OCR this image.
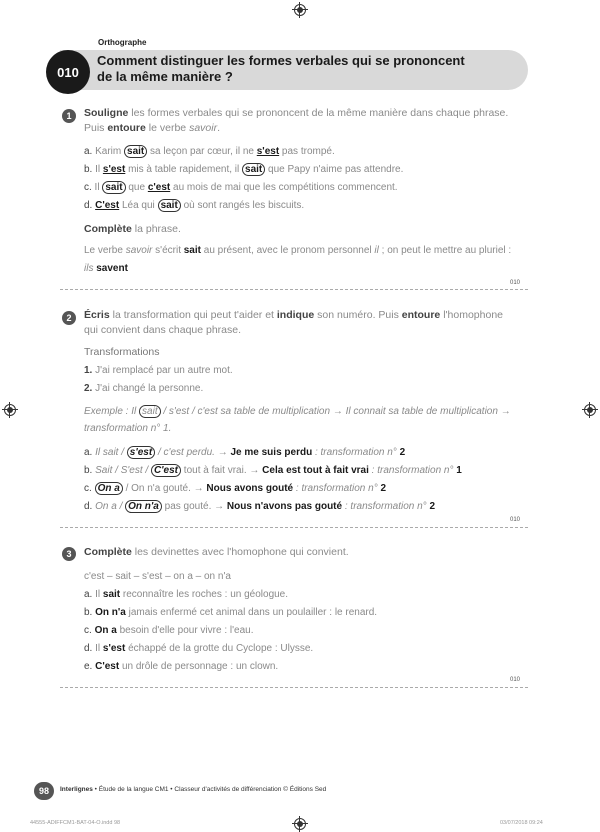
Orthographe
010
Comment distinguer les formes verbales qui se prononcent
de la même manière ?
1	Souligne les formes verbales qui se prononcent de la même manière dans chaque phrase.
Puis entoure le verbe savoir.
a. Karim sait sa leçon par cœur, il ne s'est pas trompé.
b. Il s'est mis à table rapidement, il sait que Papy n'aime pas attendre.
c. Il sait que c'est au mois de mai que les compétitions commencent.
d. C'est Léa qui sait où sont rangés les biscuits.
Complète la phrase.
Le verbe savoir s'écrit sait au présent, avec le pronom personnel il ; on peut le mettre au pluriel :
ils savent
010
2	Écris la transformation qui peut t'aider et indique son numéro. Puis entoure l'homophone
qui convient dans chaque phrase.
Transformations
1. J'ai remplacé par un autre mot.
2. J'ai changé la personne.
Exemple : Il sait / s'est / c'est sa table de multiplication → Il connait sa table de multiplication →
transformation n° 1.
a. Il sait / s'est / c'est perdu. → Je me suis perdu : transformation n° 2
b. Sait / S'est / C'est tout à fait vrai. → Cela est tout à fait vrai : transformation n° 1
c. On a / On n'a gouté. → Nous avons gouté : transformation n° 2
d. On a / On n'a pas gouté. → Nous n'avons pas gouté : transformation n° 2
010
3	Complète les devinettes avec l'homophone qui convient.
c'est – sait – s'est – on a – on n'a
a. Il sait reconnaître les roches : un géologue.
b. On n'a jamais enfermé cet animal dans un poulailler : le renard.
c. On a besoin d'elle pour vivre : l'eau.
d. Il s'est échappé de la grotte du Cyclope : Ulysse.
e. C'est un drôle de personnage : un clown.
010
98	Interlignes • Étude de la langue CM1 • Classeur d'activités de différenciation © Éditions Sed
44555-ADIFFCM1-BAT-04-O.indd 98	03/07/2018 09:24
